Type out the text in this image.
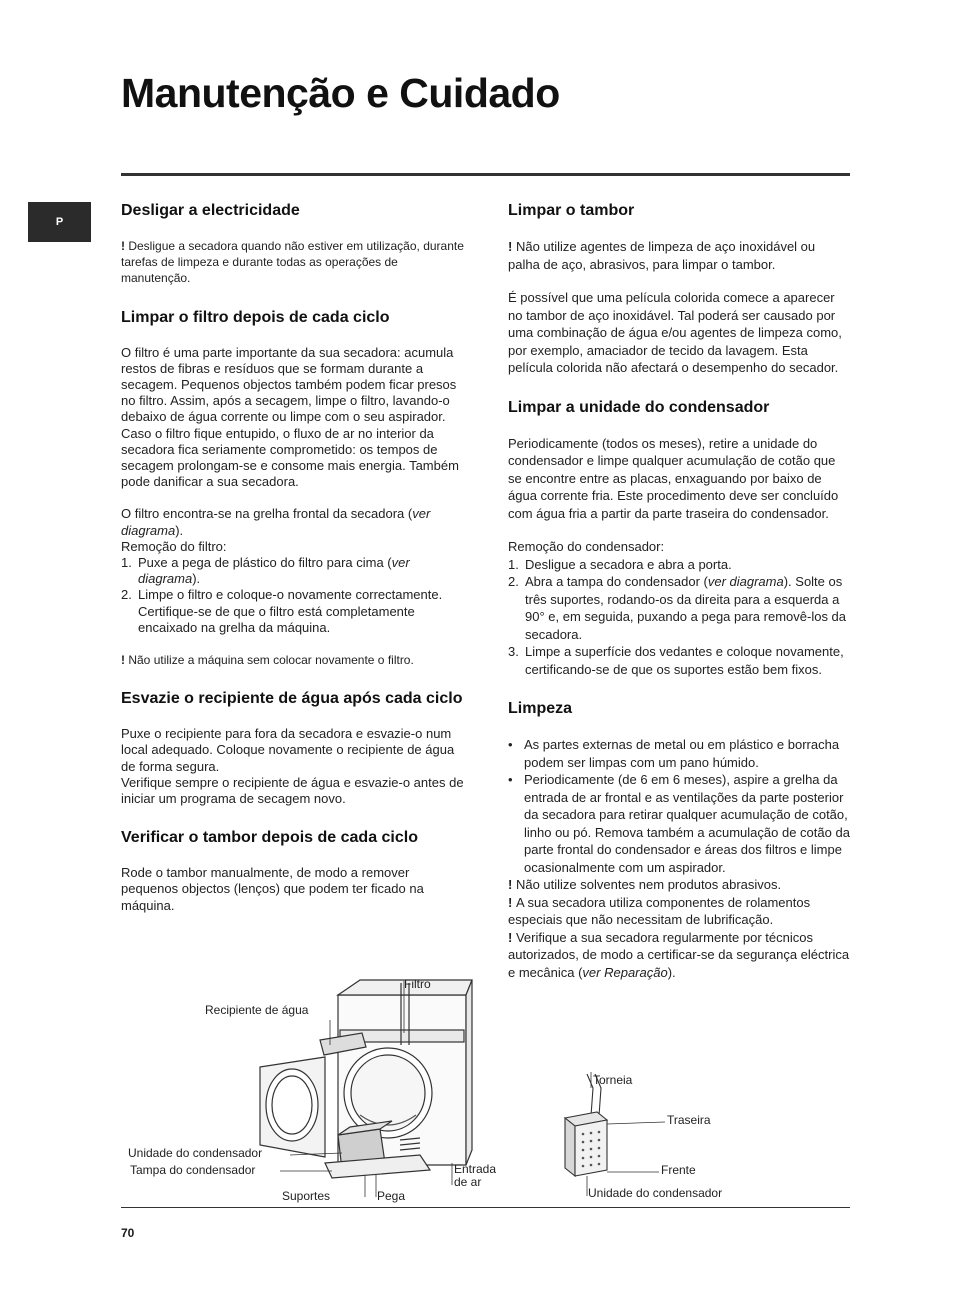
Manutenção e Cuidado
P
Desligar a electricidade

! Desligue a secadora quando não estiver em utilização, durante tarefas de limpeza e durante todas as operações de manutenção.

Limpar o filtro depois de cada ciclo

O filtro é uma parte importante da sua secadora: acumula restos de fibras e resíduos que se formam durante a secagem. Pequenos objectos também podem ficar presos no filtro. Assim, após a secagem, limpe o filtro, lavando-o debaixo de água corrente ou limpe com o seu aspirador. Caso o filtro fique entupido, o fluxo de ar no interior da secadora fica seriamente comprometido: os tempos de secagem prolongam-se e consome mais energia. Também pode danificar a sua secadora.

O filtro encontra-se na grelha frontal da secadora (ver diagrama).

Remoção do filtro:

1. Puxe a pega de plástico do filtro para cima (ver diagrama).
2. Limpe o filtro e coloque-o novamente correctamente.
Certifique-se de que o filtro está completamente encaixado na grelha da máquina.

! Não utilize a máquina sem colocar novamente o filtro.

Esvazie o recipiente de água após cada ciclo

Puxe o recipiente para fora da secadora e esvazie-o num local adequado. Coloque novamente o recipiente de água de forma segura.

Verifique sempre o recipiente de água e esvazie-o antes de iniciar um programa de secagem novo.

Verificar o tambor depois de cada ciclo

Rode o tambor manualmente, de modo a remover pequenos objectos (lenços) que podem ter ficado na máquina.

Limpar o tambor

! Não utilize agentes de limpeza de aço inoxidável ou palha de aço, abrasivos, para limpar o tambor.

É possível que uma película colorida comece a aparecer no tambor de aço inoxidável. Tal poderá ser causado por uma combinação de água e/ou agentes de limpeza como, por exemplo, amaciador de tecido da lavagem. Esta película colorida não afectará o desempenho do secador.

Limpar a unidade do condensador

Periodicamente (todos os meses), retire a unidade do condensador e limpe qualquer acumulação de cotão que se encontre entre as placas, enxaguando por baixo de água corrente fria. Este procedimento deve ser concluído com água fria a partir da parte traseira do condensador.

Remoção do condensador:

1. Desligue a secadora e abra a porta.
2. Abra a tampa do condensador (ver diagrama). Solte os três suportes, rodando-os da direita para a esquerda a 90° e, em seguida, puxando a pega para removê-los da secadora.
3. Limpe a superfície dos vedantes e coloque novamente, certificando-se de que os suportes estão bem fixos.
Limpeza
• As partes externas de metal ou em plástico e borracha podem ser limpas com um pano húmido.
• Periodicamente (de 6 em 6 meses), aspire a grelha da entrada de ar frontal e as ventilações da parte posterior da secadora para retirar qualquer acumulação de cotão, linho ou pó. Remova também a acumulação de cotão da parte frontal do condensador e áreas dos filtros e limpe ocasionalmente com um aspirador.

! Não utilize solventes nem produtos abrasivos.

! A sua secadora utiliza componentes de rolamentos especiais que não necessitam de lubrificação.

! Verifique a sua secadora regularmente por técnicos autorizados, de modo a certificar-se da segurança eléctrica e mecânica (ver Reparação).

Filtro
Recipiente de água
Unidade do condensador
Tampa do condensador
Suportes	Pega
Entrada
de ar
Torneia
Traseira
Frente
Unidade do condensador
70
